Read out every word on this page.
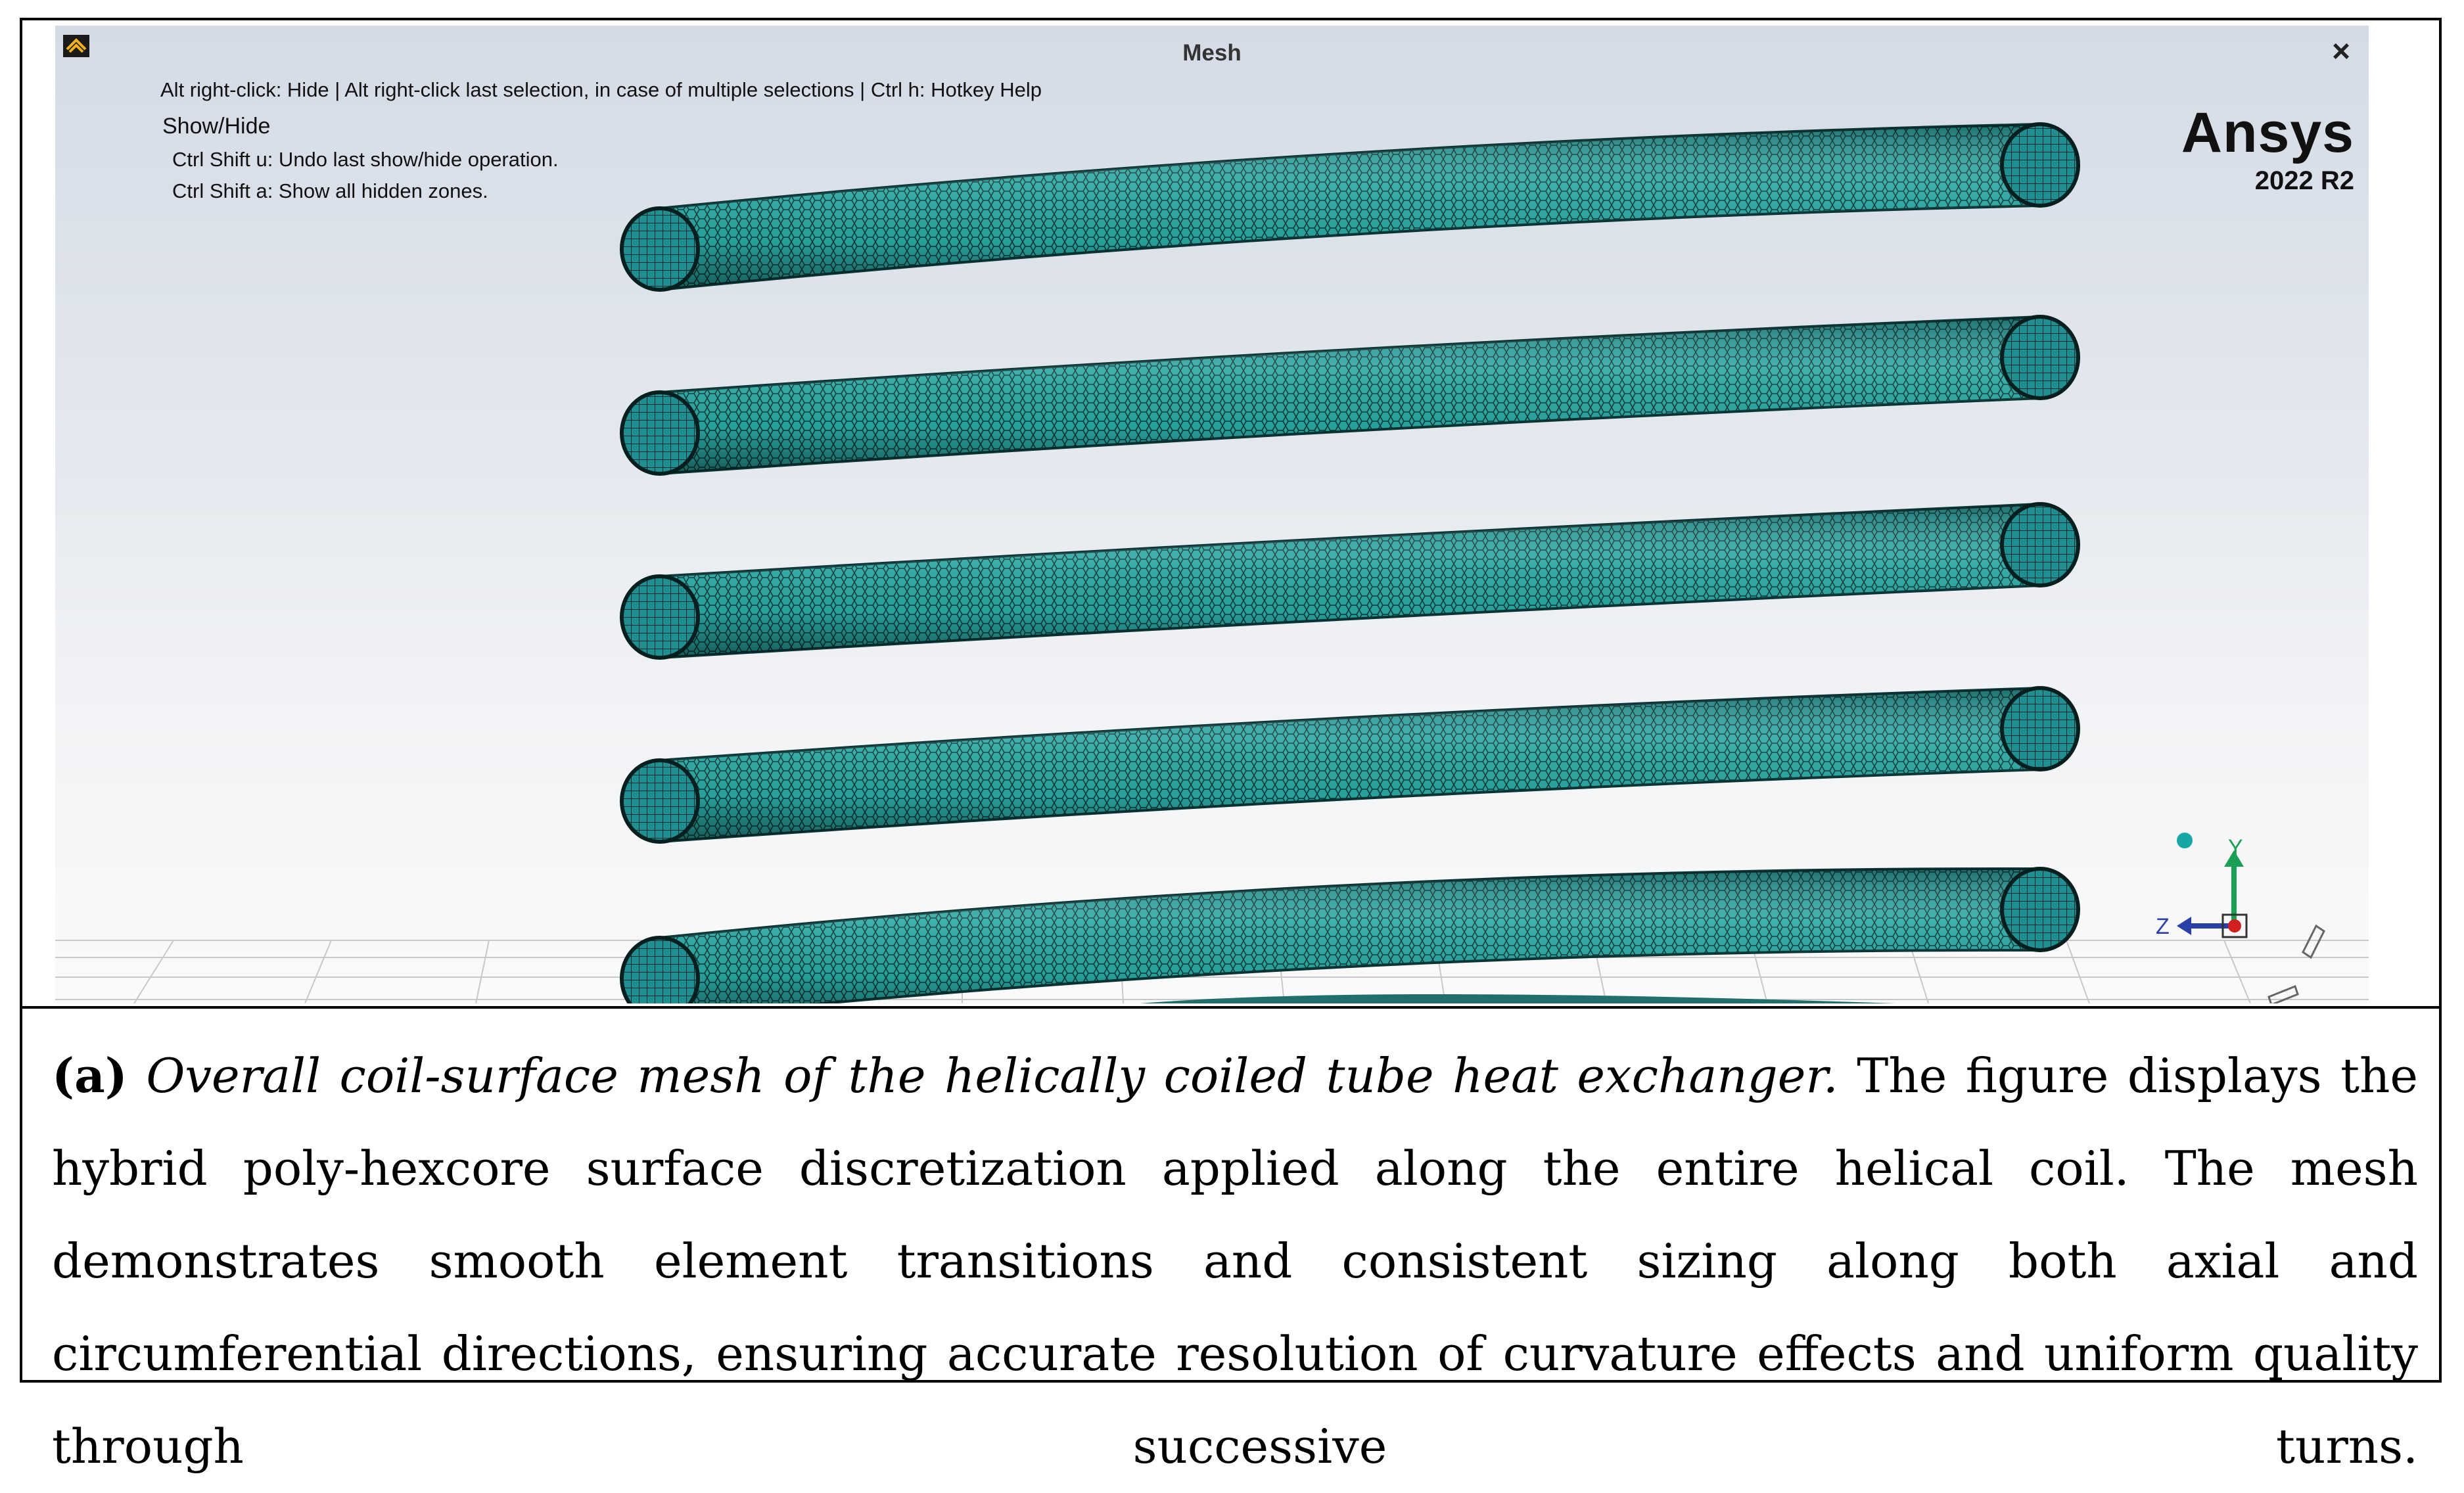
Y
Z
Mesh	×
Alt right-click: Hide | Alt right-click last selection, in case of multiple selections | Ctrl h: Hotkey Help
Show/Hide
Ctrl Shift u: Undo last show/hide operation.
Ctrl Shift a: Show all hidden zones.
Ansys
2022 R2

(a) Overall coil-surface mesh of the helically coiled tube heat exchanger. The figure displays the hybrid poly-hexcore surface discretization applied along the entire helical coil. The mesh demonstrates smooth element transitions and consistent sizing along both axial and circumferential directions, ensuring accurate resolution of curvature effects and uniform quality through successive turns.
